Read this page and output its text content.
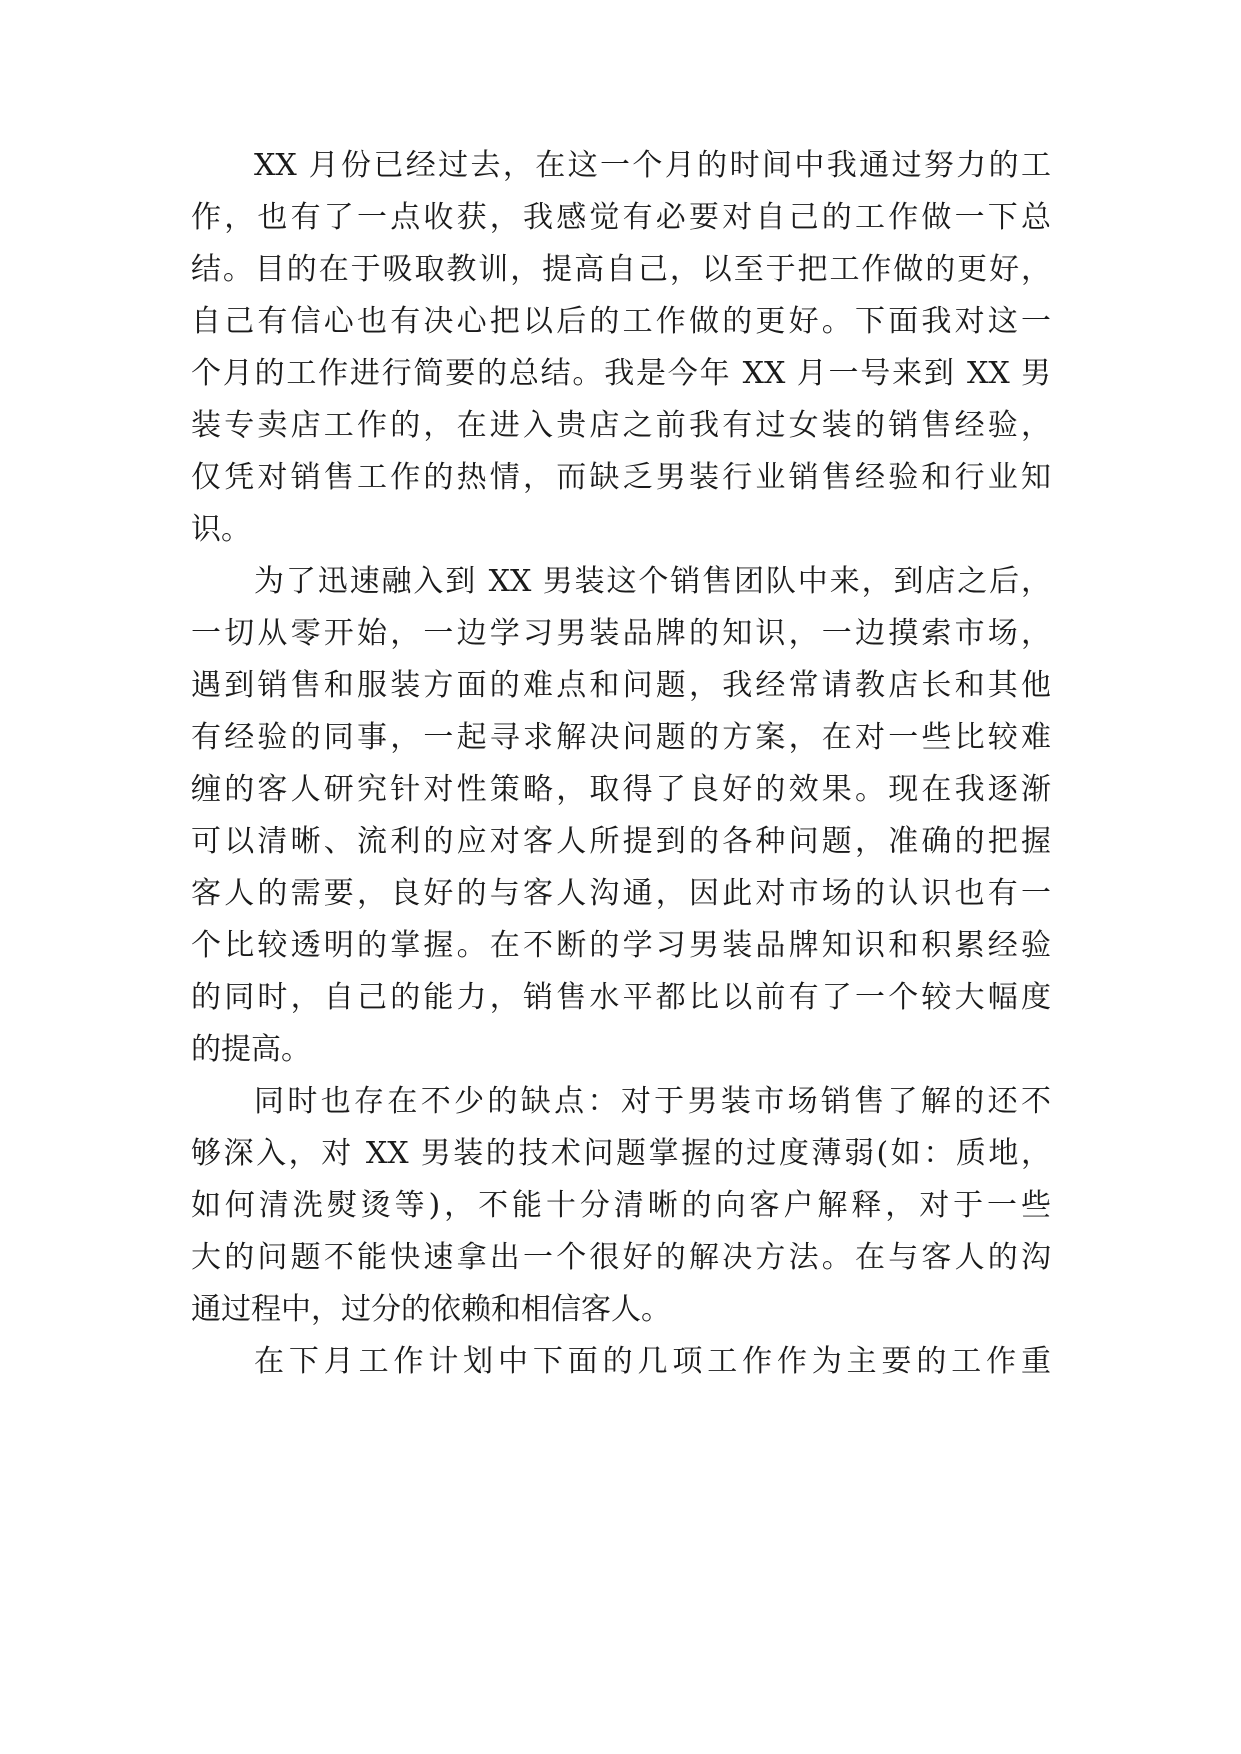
XX 月份已经过去，在这一个月的时间中我通过努力的工
作，也有了一点收获，我感觉有必要对自己的工作做一下总
结。目的在于吸取教训，提高自己，以至于把工作做的更好，
自己有信心也有决心把以后的工作做的更好。下面我对这一
个月的工作进行简要的总结。我是今年 XX 月一号来到 XX 男
装专卖店工作的，在进入贵店之前我有过女装的销售经验，
仅凭对销售工作的热情，而缺乏男装行业销售经验和行业知
识。
为了迅速融入到 XX 男装这个销售团队中来，到店之后，
一切从零开始，一边学习男装品牌的知识，一边摸索市场，
遇到销售和服装方面的难点和问题，我经常请教店长和其他
有经验的同事，一起寻求解决问题的方案，在对一些比较难
缠的客人研究针对性策略，取得了良好的效果。现在我逐渐
可以清晰、流利的应对客人所提到的各种问题，准确的把握
客人的需要，良好的与客人沟通，因此对市场的认识也有一
个比较透明的掌握。在不断的学习男装品牌知识和积累经验
的同时，自己的能力，销售水平都比以前有了一个较大幅度
的提高。
同时也存在不少的缺点：对于男装市场销售了解的还不
够深入，对 XX 男装的技术问题掌握的过度薄弱(如：质地，
如何清洗熨烫等)，不能十分清晰的向客户解释，对于一些
大的问题不能快速拿出一个很好的解决方法。在与客人的沟
通过程中，过分的依赖和相信客人。
在下月工作计划中下面的几项工作作为主要的工作重
